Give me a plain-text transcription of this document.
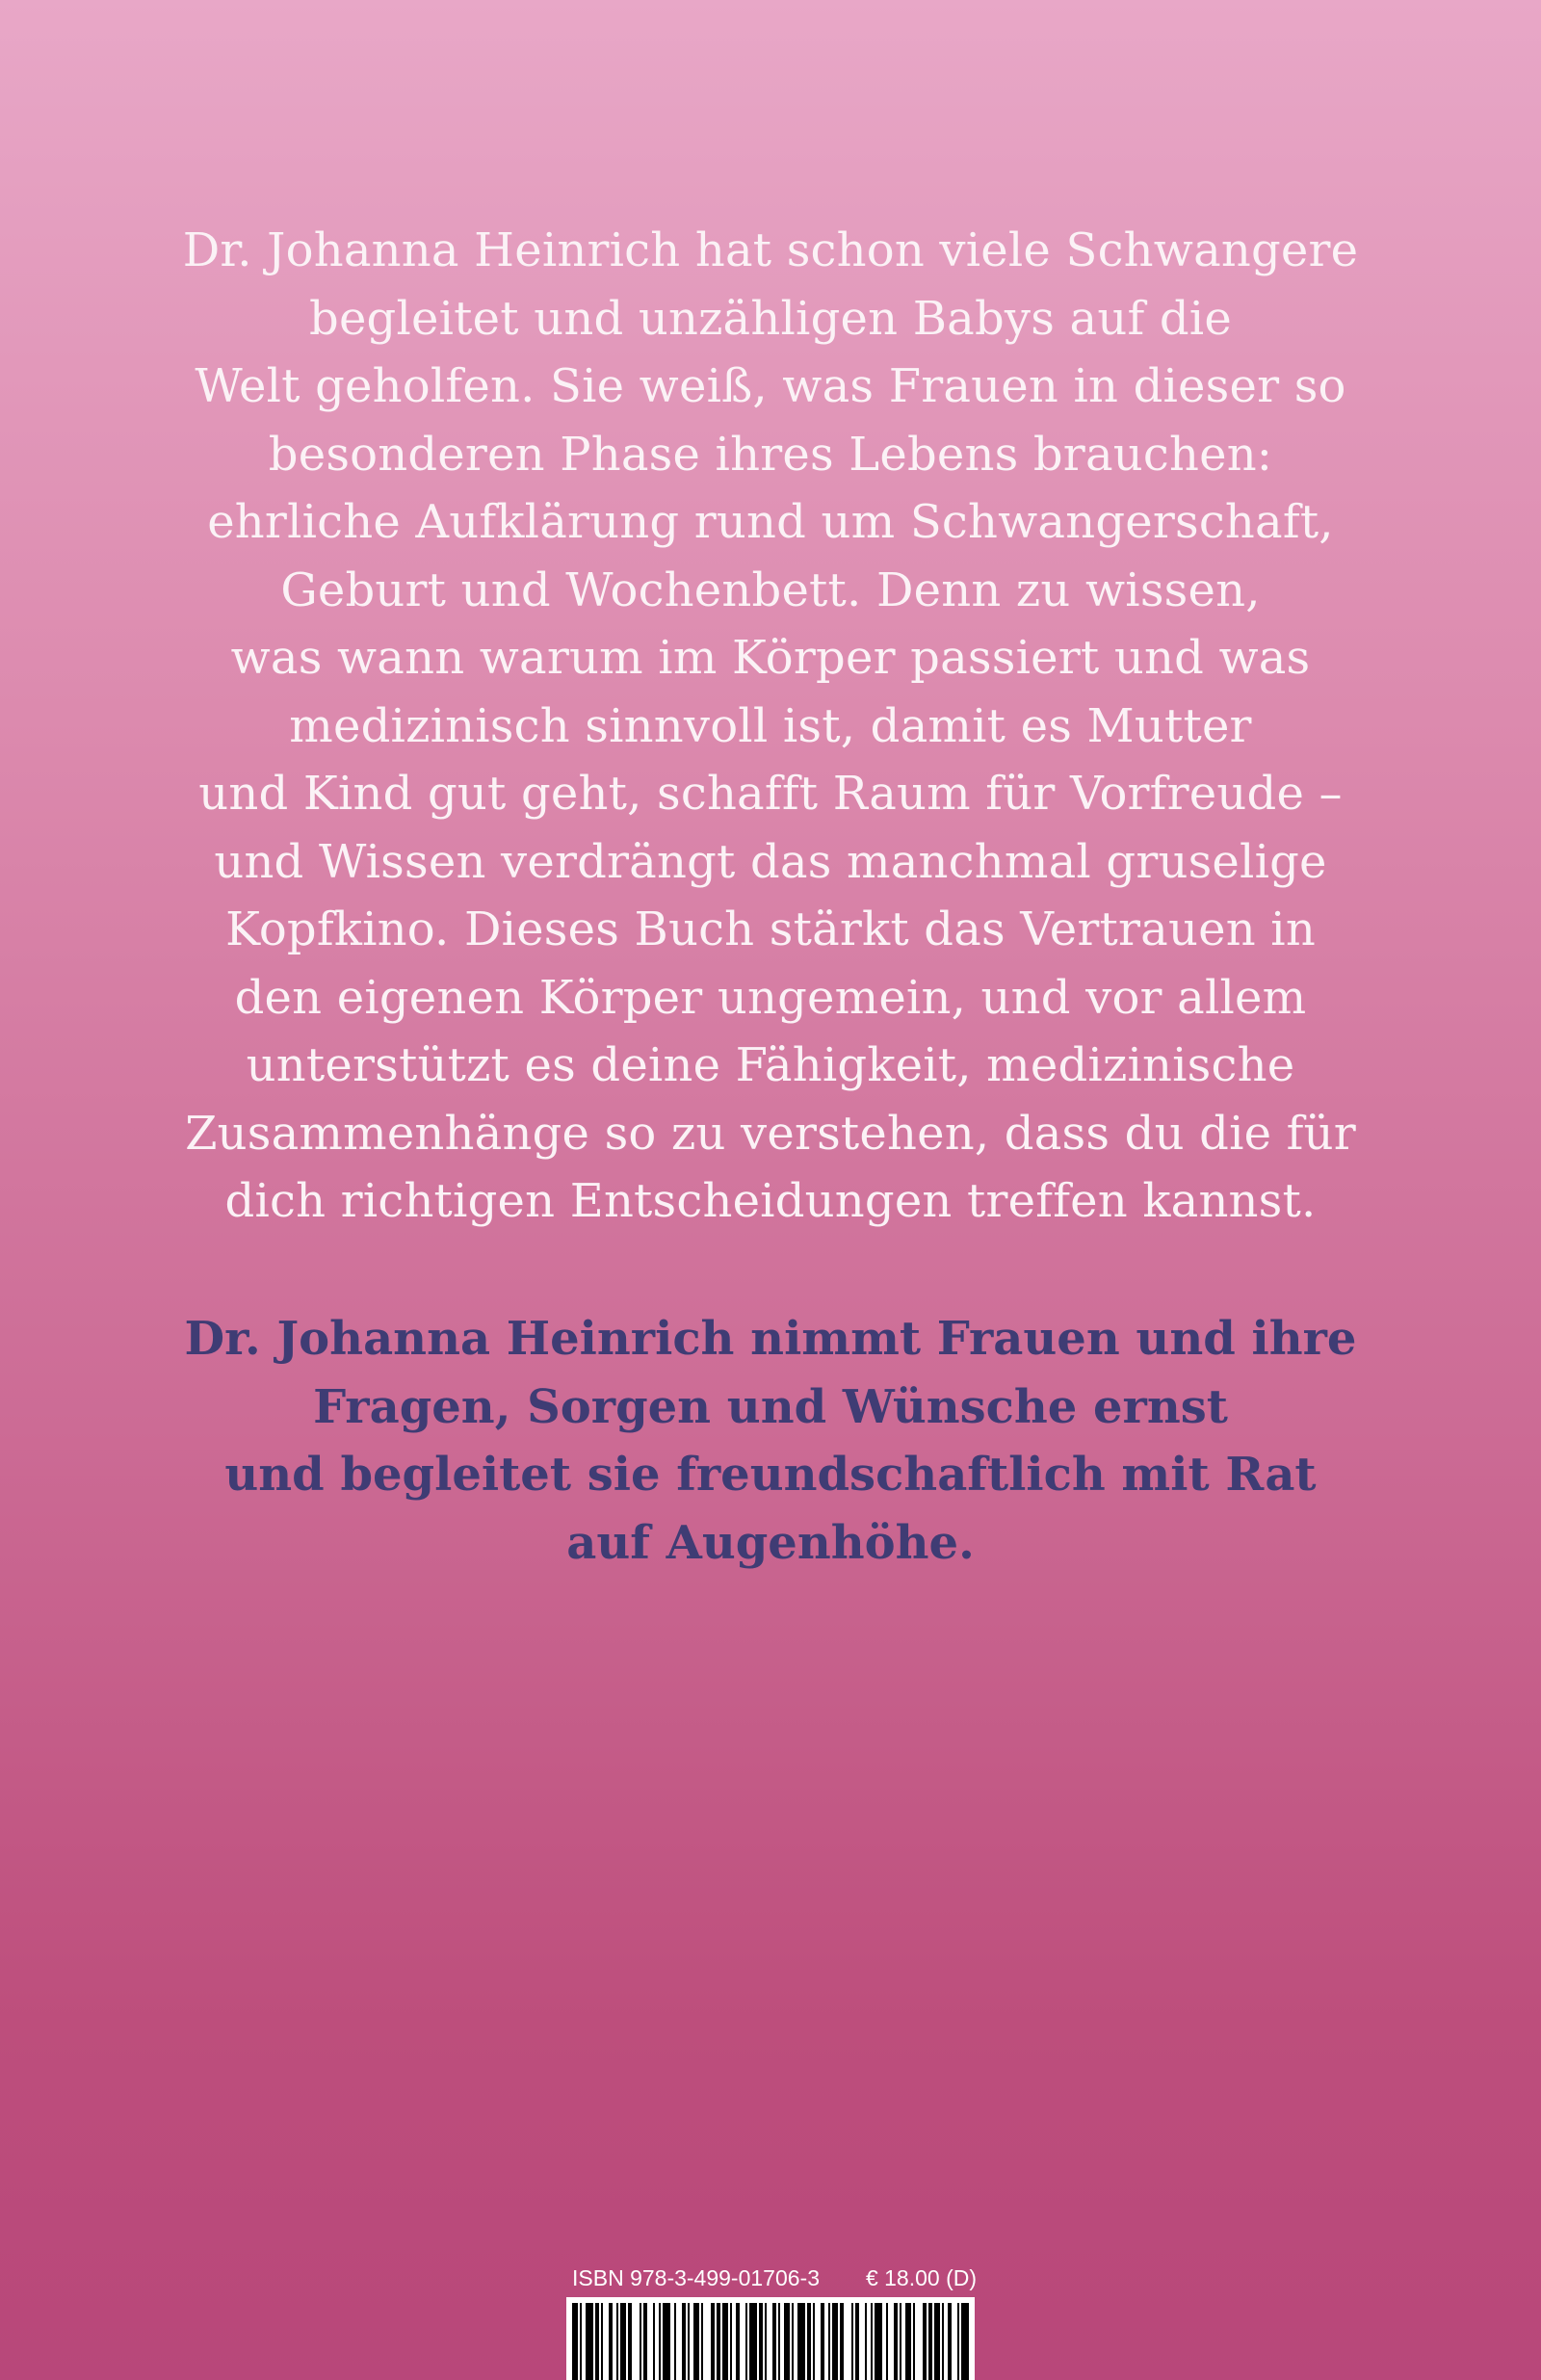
Dr. Johanna Heinrich hat schon viele Schwangere
begleitet und unzähligen Babys auf die
Welt geholfen. Sie weiß, was Frauen in dieser so
besonderen Phase ihres Lebens brauchen:
ehrliche Aufklärung rund um Schwangerschaft,
Geburt und Wochenbett. Denn zu wissen,
was wann warum im Körper passiert und was
medizinisch sinnvoll ist, damit es Mutter
und Kind gut geht, schafft Raum für Vorfreude –
und Wissen verdrängt das manchmal gruselige
Kopfkino. Dieses Buch stärkt das Vertrauen in
den eigenen Körper ungemein, und vor allem
unterstützt es deine Fähigkeit, medizinische
Zusammenhänge so zu verstehen, dass du die für
dich richtigen Entscheidungen treffen kannst.
Dr. Johanna Heinrich nimmt Frauen und ihre
Fragen, Sorgen und Wünsche ernst
und begleitet sie freundschaftlich mit Rat
auf Augenhöhe.
ISBN 978-3-499-01706-3 € 18.00 (D)
